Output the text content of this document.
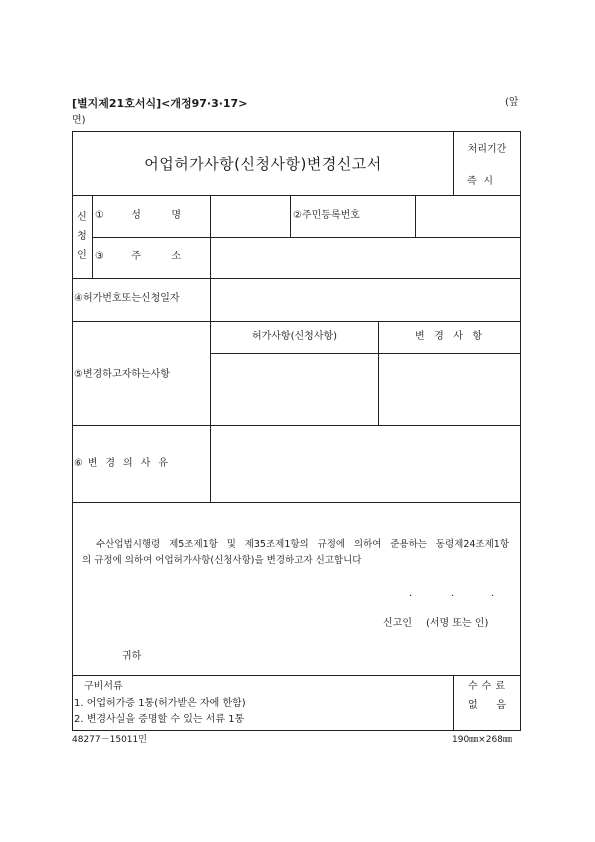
[별지제21호서식]<개정97·3·17>	(앞
면)
어업허가사항(신청사항)변경신고서
처리기간
즉 시
신청인
①성 명	②주민등록번호
③주 소
④허가번호또는신청일자
⑤변경하고자하는사항
허가사항(신청사항)	변 경 사 항
⑥변 경 의 사 유
수산업법시행령 제5조제1항 및 제35조제1항의 규정에 의하여 준용하는 동령제24조제1항
의 규정에 의하여 어업허가사항(신청사항)을 변경하고자 신고합니다
.	.	.
신고인 (서명 또는 인)
귀하
구비서류
1. 어업허가증 1통(허가받은 자에 한함)
2. 변경사실을 증명할 수 있는 서류 1통
수 수 료
없 음
48277－15011민	190㎜×268㎜
